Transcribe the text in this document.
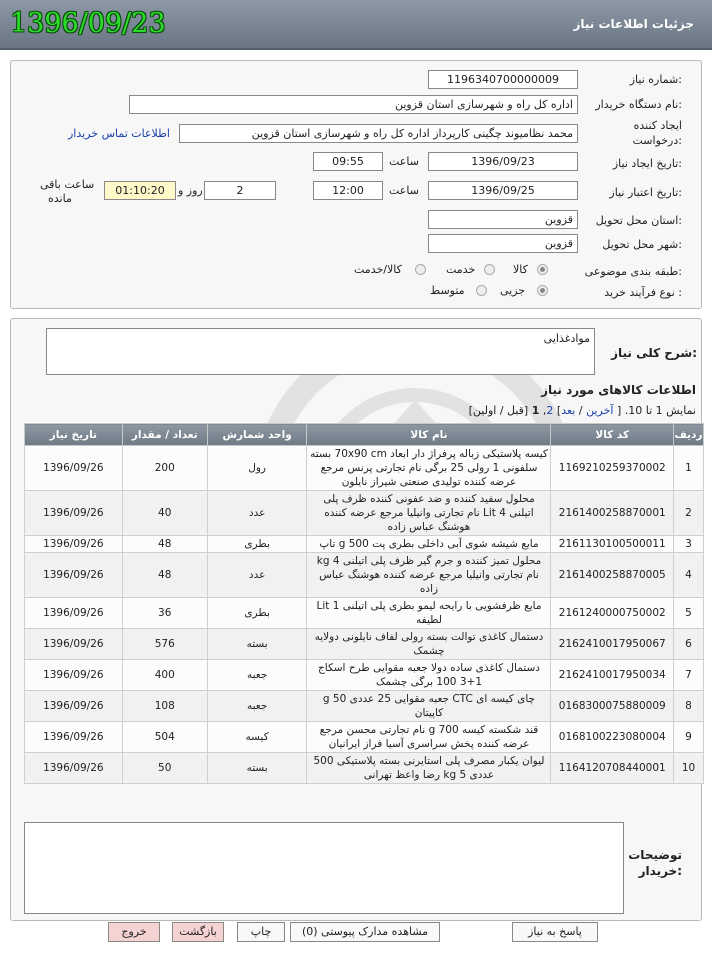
1396/09/23	جزئیات اطلاعات نیاز
شماره نیاز:
1196340700000009
نام دستگاه خریدار:
اداره کل راه و شهرسازی استان قزوین
ایجاد کننده
درخواست:
محمد نظامیوند چگینی کارپرداز اداره کل راه و شهرسازی استان قزوین
اطلاعات تماس خریدار
تاریخ ایجاد نیاز:
1396/09/23
ساعت
09:55
تاریخ اعتبار نیاز:
1396/09/25
ساعت
12:00
2
روز و
01:10:20
ساعت باقی
مانده
استان محل تحویل:
قزوین
شهر محل تحویل:
قزوین
طبقه بندی موضوعی:
کالا
خدمت
کالا/خدمت
نوع فرآیند خرید :
جزیی
متوسط
شرح کلی نیاز:
موادغذایی
اطلاعات کالاهای مورد نیاز
نمایش 1 تا 10. [ آخرین / بعد] 2, 1 [قبل / اولین]
ردیف	کد کالا	نام کالا	واحد شمارش	تعداد / مقدار	تاریخ نیاز
1	1169210259370002	کیسه پلاستیکی زباله پرفراژ دار ابعاد 70x90 cm بسته سلفونی 1 رولی 25 برگی نام تجارتی پرنس مرجع عرضه کننده تولیدی صنعتی شیراز نایلون	رول	200	1396/09/26
2	2161400258870001	محلول سفید کننده و ضد عفونی کننده ظرف پلی اتیلنی 4 Lit نام تجارتی وانیلیا مرجع عرضه کننده هوشنگ عباس زاده	عدد	40	1396/09/26
3	2161130100500011	مایع شیشه شوی آبی داخلی بطری پت 500 g تاپ	بطری	48	1396/09/26
4	2161400258870005	محلول تمیز کننده و جرم گیر ظرف پلی اتیلنی 4 kg نام تجارتی وانیلیا مرجع عرضه کننده هوشنگ عباس زاده	عدد	48	1396/09/26
5	2161240000750002	مایع ظرفشویی با رایحه لیمو بطری پلی اتیلنی 1 Lit لطیفه	بطری	36	1396/09/26
6	2162410017950067	دستمال کاغذی توالت بسته رولی لفاف نایلونی دولایه چشمک	بسته	576	1396/09/26
7	2162410017950034	دستمال کاغذی ساده دولا جعبه مقوایی طرح اسکاج 1+3 100 برگی چشمک	جعبه	400	1396/09/26
8	0168300075880009	چای کیسه ای CTC جعبه مقوایی 25 عددی 50 g کاپیتان	جعبه	108	1396/09/26
9	0168100223080004	قند شکسته کیسه 700 g نام تجارتی محسن مرجع عرضه کننده پخش سراسری آسیا فراز ایرانیان	کیسه	504	1396/09/26
10	1164120708440001	لیوان یکبار مصرف پلی استایرنی بسته پلاستیکی 500 عددی 5 kg رضا واعظ تهرانی	بسته	50	1396/09/26
توضیحات
خریدار:
پاسخ به نیاز
مشاهده مدارک پیوستی (0)
چاپ
بازگشت
خروج
